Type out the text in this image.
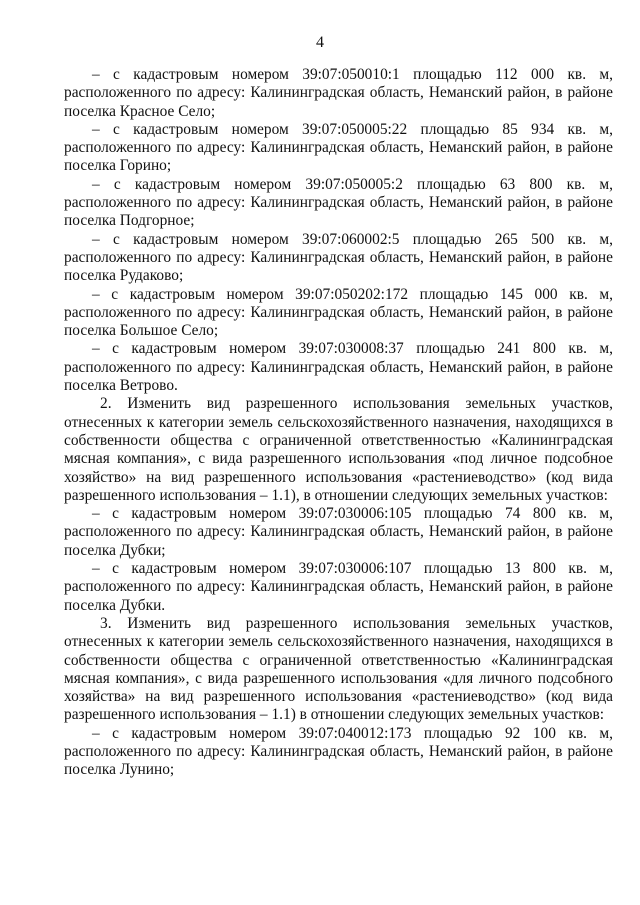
4

– с кадастровым номером 39:07:050010:1 площадью 112 000 кв. м, расположенного по адресу: Калининградская область, Неманский район, в районе поселка Красное Село;

– с кадастровым номером 39:07:050005:22 площадью 85 934 кв. м, расположенного по адресу: Калининградская область, Неманский район, в районе поселка Горино;

– с кадастровым номером 39:07:050005:2 площадью 63 800 кв. м, расположенного по адресу: Калининградская область, Неманский район, в районе поселка Подгорное;

– с кадастровым номером 39:07:060002:5 площадью 265 500 кв. м, расположенного по адресу: Калининградская область, Неманский район, в районе поселка Рудаково;

– с кадастровым номером 39:07:050202:172 площадью 145 000 кв. м, расположенного по адресу: Калининградская область, Неманский район, в районе поселка Большое Село;

– с кадастровым номером 39:07:030008:37 площадью 241 800 кв. м, расположенного по адресу: Калининградская область, Неманский район, в районе поселка Ветрово.

2. Изменить вид разрешенного использования земельных участков, отнесенных к категории земель сельскохозяйственного назначения, находящихся в собственности общества с ограниченной ответственностью «Калининградская мясная компания», с вида разрешенного использования «под личное подсобное хозяйство» на вид разрешенного использования «растениеводство» (код вида разрешенного использования – 1.1), в отношении следующих земельных участков:

– с кадастровым номером 39:07:030006:105 площадью 74 800 кв. м, расположенного по адресу: Калининградская область, Неманский район, в районе поселка Дубки;

– с кадастровым номером 39:07:030006:107 площадью 13 800 кв. м, расположенного по адресу: Калининградская область, Неманский район, в районе поселка Дубки.

3. Изменить вид разрешенного использования земельных участков, отнесенных к категории земель сельскохозяйственного назначения, находящихся в собственности общества с ограниченной ответственностью «Калининградская мясная компания», с вида разрешенного использования «для личного подсобного хозяйства» на вид разрешенного использования «растениеводство» (код вида разрешенного использования – 1.1) в отношении следующих земельных участков:

– с кадастровым номером 39:07:040012:173 площадью 92 100 кв. м, расположенного по адресу: Калининградская область, Неманский район, в районе поселка Лунино;
